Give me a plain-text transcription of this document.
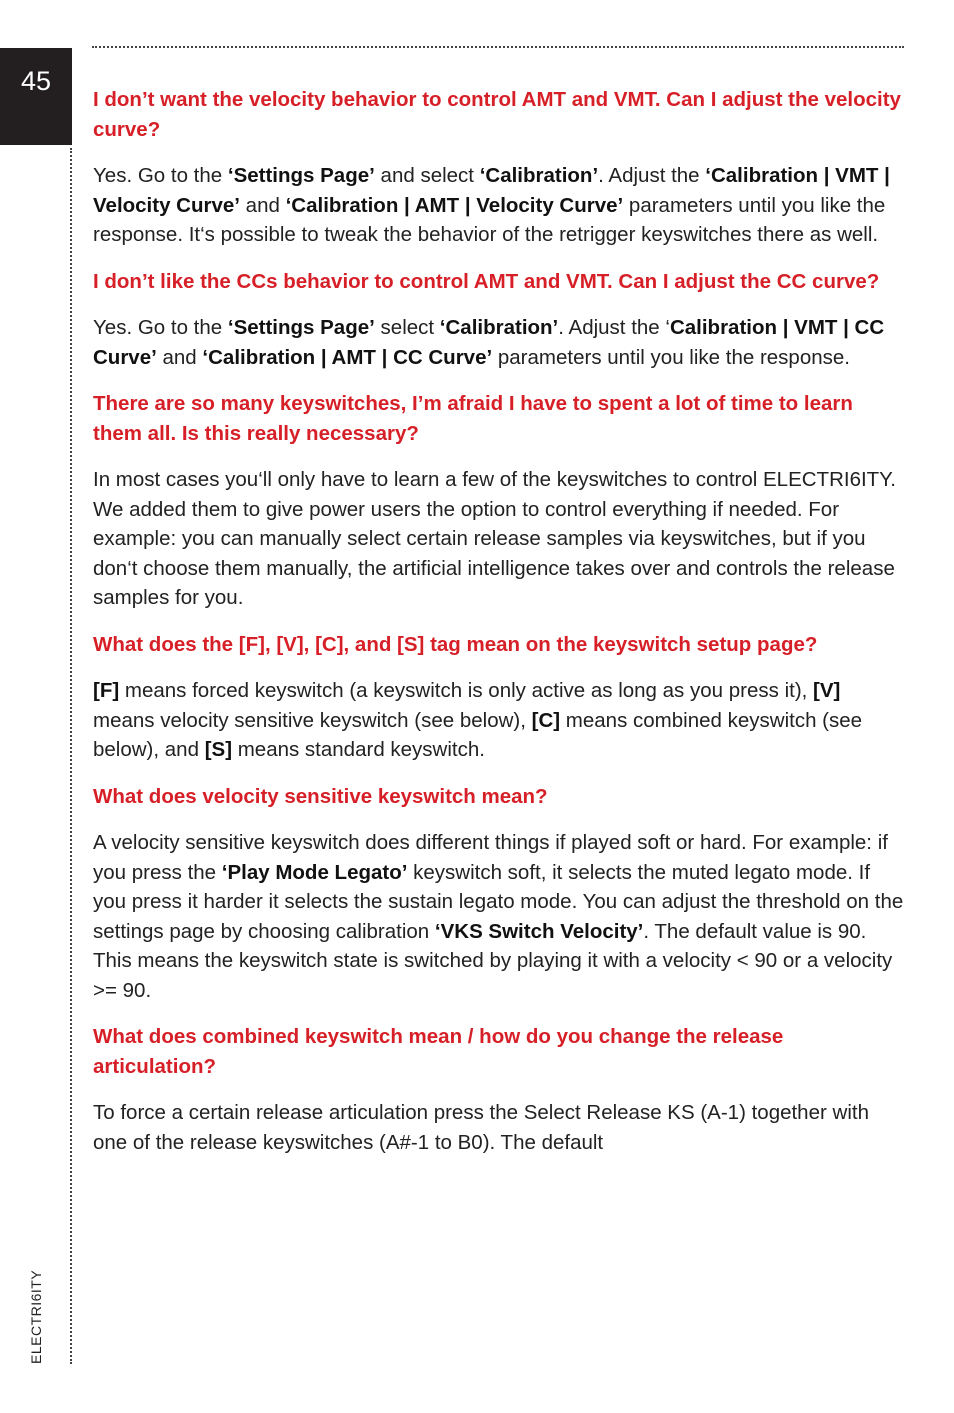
45
ELECTRI6ITY
I don’t want the velocity behavior to control AMT and VMT. Can I adjust the velocity curve?
Yes. Go to the ‘Settings Page’ and select ‘Calibration’. Adjust the ‘Calibration | VMT | Velocity Curve’ and ‘Calibration | AMT | Velocity Curve’ parameters until you like the response. It‘s possible to tweak the behavior of the retrigger keyswitches there as well.
I don’t like the CCs behavior to control AMT and VMT. Can I adjust the CC curve?
Yes. Go to the ‘Settings Page’ select ‘Calibration’. Adjust the ‘Calibration | VMT | CC Curve’ and ‘Calibration | AMT | CC Curve’ parameters until you like the response.
There are so many keyswitches, I’m afraid I have to spent a lot of time to learn them all. Is this really necessary?
In most cases you‘ll only have to learn a few of the keyswitches to control ELECTRI6ITY. We added them to give power users the option to control everything if needed. For example: you can manually select certain release samples via keyswitches, but if you don‘t choose them manually, the artificial intelligence takes over and controls the release samples for you.
What does the [F], [V], [C], and [S] tag mean on the keyswitch setup page?
[F] means forced keyswitch (a keyswitch is only active as long as you press it), [V] means velocity sensitive keyswitch (see below), [C] means combined keyswitch (see below), and [S] means standard keyswitch.
What does velocity sensitive keyswitch mean?
A velocity sensitive keyswitch does different things if played soft or hard. For example: if you press the ‘Play Mode Legato’ keyswitch soft, it selects the muted legato mode. If you press it harder it selects the sustain legato mode. You can adjust the threshold on the settings page by choosing calibration ‘VKS Switch Velocity’. The default value is 90. This means the keyswitch state is switched by playing it with a velocity < 90 or a velocity >= 90.
What does combined keyswitch mean / how do you change the release articulation?
To force a certain release articulation press the Select Release KS (A-1) together with one of the release keyswitches (A#-1 to B0). The default
